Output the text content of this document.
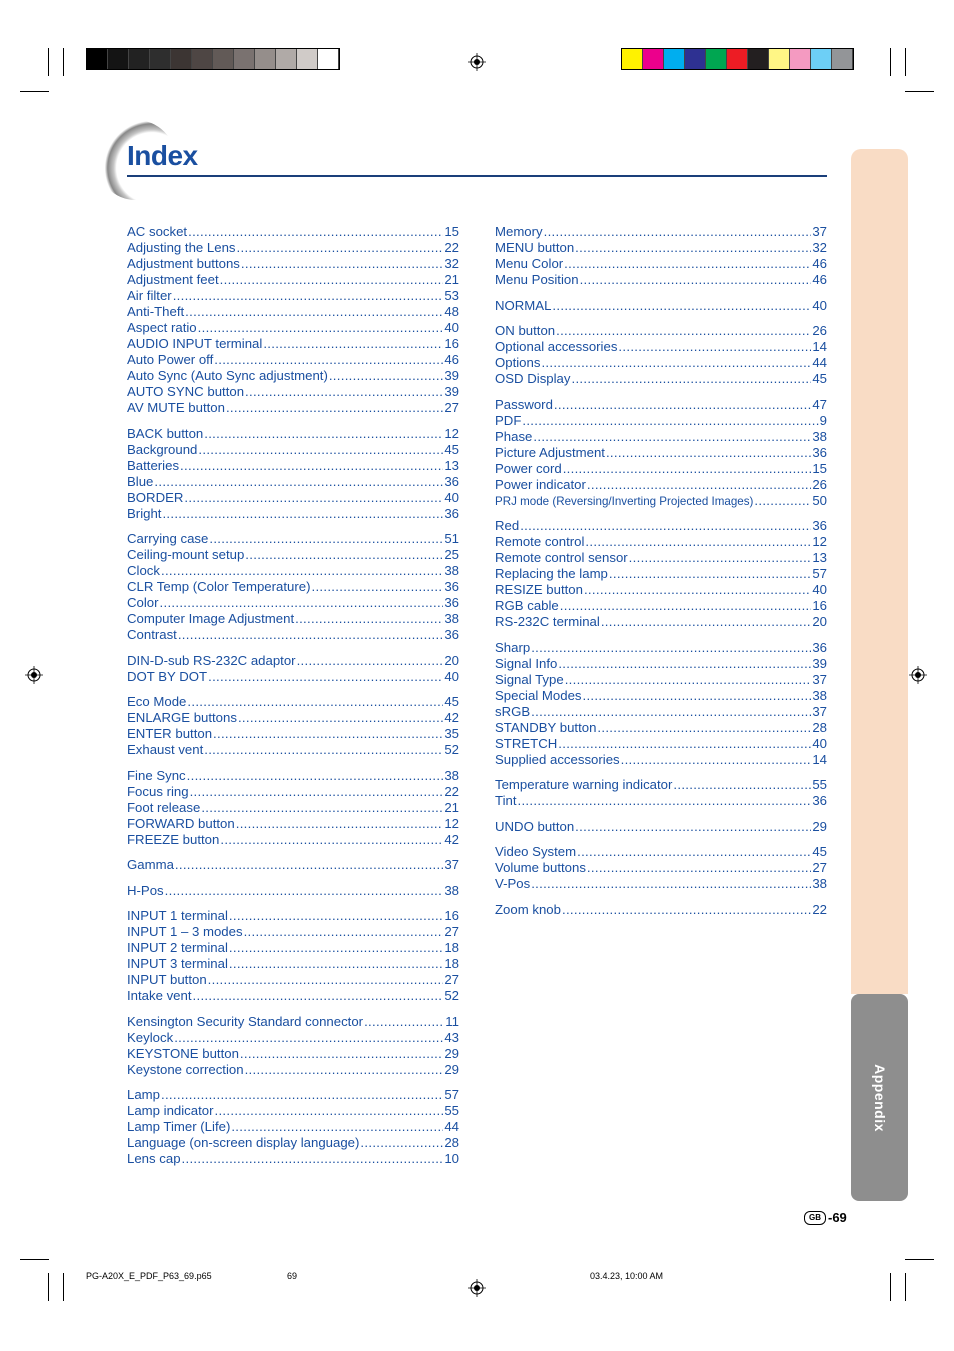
Index
Appendix
AC socket .....	15
Adjusting the Lens .....	22
Adjustment buttons .....	32
Adjustment feet .....	21
Air filter .....	53
Anti-Theft .....	48
Aspect ratio .....	40
AUDIO INPUT terminal .....	16
Auto Power off .....	46
Auto Sync (Auto Sync adjustment) .....	39
AUTO SYNC button .....	39
AV MUTE button .....	27
BACK button .....	12
Background .....	45
Batteries .....	13
Blue .....	36
BORDER .....	40
Bright .....	36
Carrying case .....	51
Ceiling-mount setup .....	25
Clock .....	38
CLR Temp (Color Temperature) .....	36
Color .....	36
Computer Image Adjustment .....	38
Contrast .....	36
DIN-D-sub RS-232C adaptor .....	20
DOT BY DOT .....	40
Eco Mode .....	45
ENLARGE buttons .....	42
ENTER button .....	35
Exhaust vent .....	52
Fine Sync .....	38
Focus ring .....	22
Foot release .....	21
FORWARD button .....	12
FREEZE button .....	42
Gamma .....	37
H-Pos .....	38
INPUT 1 terminal .....	16
INPUT 1 – 3 modes .....	27
INPUT 2 terminal .....	18
INPUT 3 terminal .....	18
INPUT button .....	27
Intake vent .....	52
Kensington Security Standard connector .....	11
Keylock .....	43
KEYSTONE button .....	29
Keystone correction .....	29
Lamp .....	57
Lamp indicator .....	55
Lamp Timer (Life) .....	44
Language (on-screen display language) .....	28
Lens cap .....	10
Memory .....	37
MENU button .....	32
Menu Color .....	46
Menu Position .....	46
NORMAL .....	40
ON button .....	26
Optional accessories .....	14
Options .....	44
OSD Display .....	45
Password .....	47
PDF .....	9
Phase .....	38
Picture Adjustment .....	36
Power cord .....	15
Power indicator .....	26
PRJ mode (Reversing/Inverting Projected Images) .....	50
Red .....	36
Remote control .....	12
Remote control sensor .....	13
Replacing the lamp .....	57
RESIZE button .....	40
RGB cable .....	16
RS-232C terminal .....	20
Sharp .....	36
Signal Info .....	39
Signal Type .....	37
Special Modes .....	38
sRGB .....	37
STANDBY button .....	28
STRETCH .....	40
Supplied accessories .....	14
Temperature warning indicator .....	55
Tint .....	36
UNDO button .....	29
Video System .....	45
Volume buttons .....	27
V-Pos .....	38
Zoom knob .....	22
GB -69
PG-A20X_E_PDF_P63_69.p65	69	03.4.23, 10:00 AM
